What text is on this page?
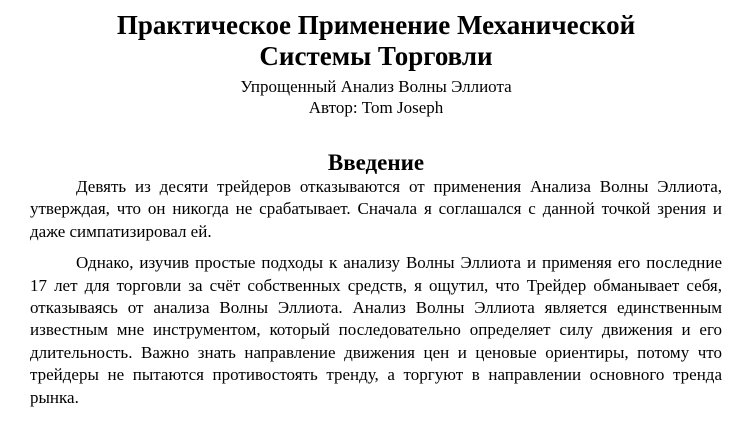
Практическое Применение Механической
Системы Торговли

Упрощенный Анализ Волны Эллиота

Автор: Tom Joseph

Введение

Девять из десяти трейдеров отказываются от применения Анализа Волны Эллиота, утверждая, что он никогда не срабатывает. Сначала я соглашался с данной точкой зрения и даже симпатизировал ей.

Однако, изучив простые подходы к анализу Волны Эллиота и применяя его последние 17 лет для торговли за счёт собственных средств, я ощутил, что Трейдер обманывает себя, отказываясь от анализа Волны Эллиота. Анализ Волны Эллиота является единственным известным мне инструментом, который последовательно определяет силу движения и его длительность. Важно знать направление движения цен и ценовые ориентиры, потому что трейдеры не пытаются противостоять тренду, а торгуют в направлении основного тренда рынка.
